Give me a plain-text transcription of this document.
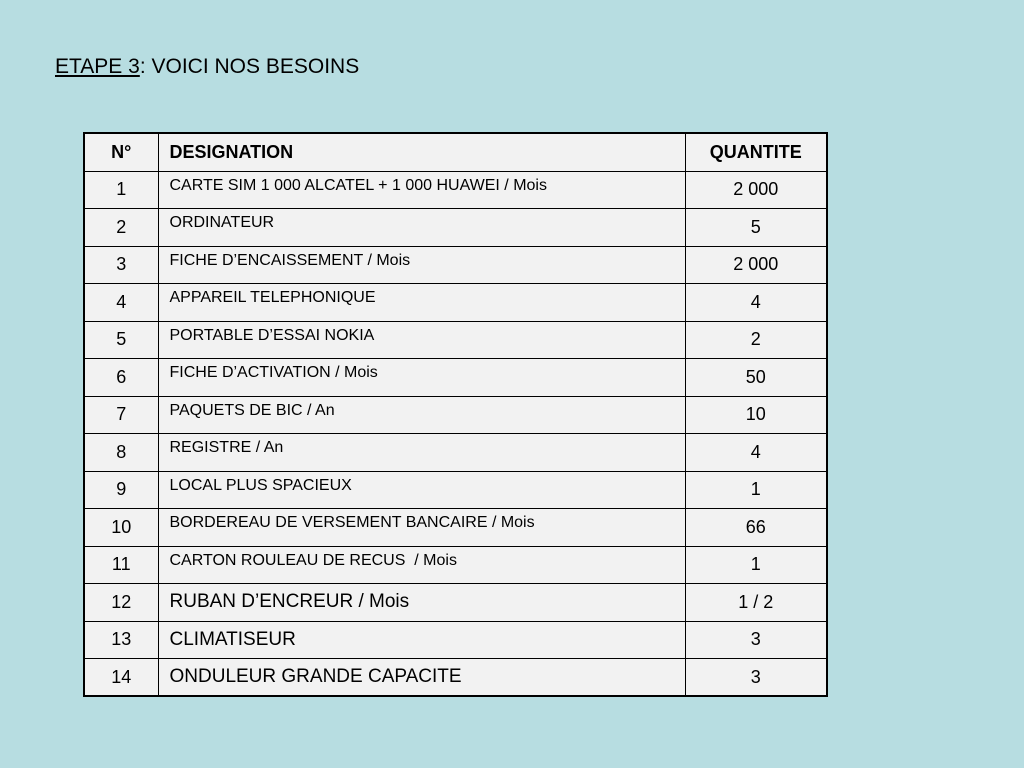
ETAPE 3: VOICI NOS BESOINS
N°	DESIGNATION	QUANTITE
1	CARTE SIM 1 000 ALCATEL + 1 000 HUAWEI / Mois	2 000
2	ORDINATEUR	5
3	FICHE D’ENCAISSEMENT / Mois	2 000
4	APPAREIL TELEPHONIQUE	4
5	PORTABLE D’ESSAI NOKIA	2
6	FICHE D’ACTIVATION / Mois	50
7	PAQUETS DE BIC / An	10
8	REGISTRE / An	4
9	LOCAL PLUS SPACIEUX	1
10	BORDEREAU DE VERSEMENT BANCAIRE / Mois	66
11	CARTON ROULEAU DE RECUS  / Mois	1
12	RUBAN D’ENCREUR / Mois	1 / 2
13	CLIMATISEUR	3
14	ONDULEUR GRANDE CAPACITE	3
